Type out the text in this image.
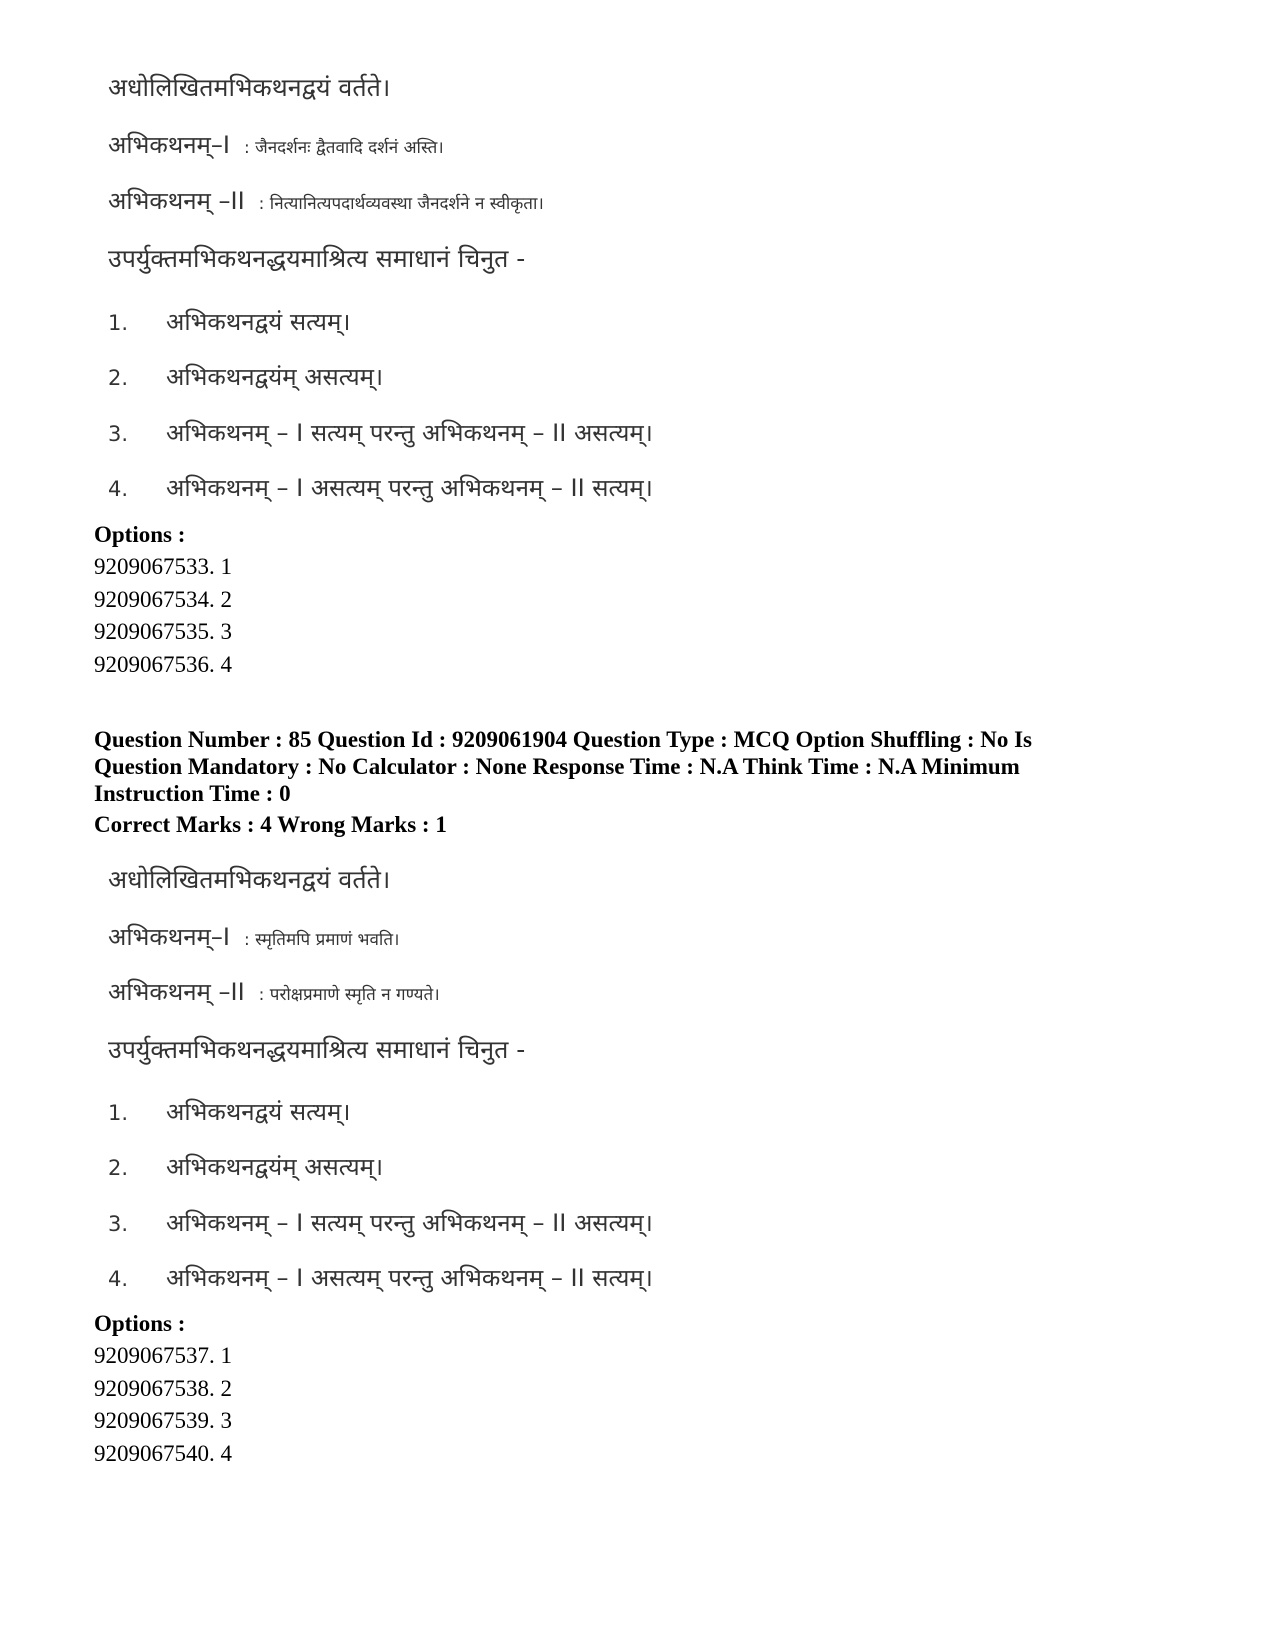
अधोलिखितमभिकथनद्वयं वर्तते।
अभिकथनम्–I : जैनदर्शनः द्वैतवादि दर्शनं अस्ति।
अभिकथनम् –II : नित्यानित्यपदार्थव्यवस्था जैनदर्शने न स्वीकृता।
उपर्युक्तमभिकथनद्धयमाश्रित्य समाधानं चिनुत -
1. अभिकथनद्वयं सत्यम्।
2. अभिकथनद्वयंम् असत्यम्।
3. अभिकथनम् – I सत्यम् परन्तु अभिकथनम् – II असत्यम्।
4. अभिकथनम् – I असत्यम् परन्तु अभिकथनम् – II सत्यम्।
Options :
9209067533. 1
9209067534. 2
9209067535. 3
9209067536. 4
Question Number : 85 Question Id : 9209061904 Question Type : MCQ Option Shuffling : No Is
Question Mandatory : No Calculator : None Response Time : N.A Think Time : N.A Minimum
Instruction Time : 0
Correct Marks : 4 Wrong Marks : 1
अधोलिखितमभिकथनद्वयं वर्तते।
अभिकथनम्–I : स्मृतिमपि प्रमाणं भवति।
अभिकथनम् –II : परोक्षप्रमाणे स्मृति न गण्यते।
उपर्युक्तमभिकथनद्धयमाश्रित्य समाधानं चिनुत -
1. अभिकथनद्वयं सत्यम्।
2. अभिकथनद्वयंम् असत्यम्।
3. अभिकथनम् – I सत्यम् परन्तु अभिकथनम् – II असत्यम्।
4. अभिकथनम् – I असत्यम् परन्तु अभिकथनम् – II सत्यम्।
Options :
9209067537. 1
9209067538. 2
9209067539. 3
9209067540. 4
